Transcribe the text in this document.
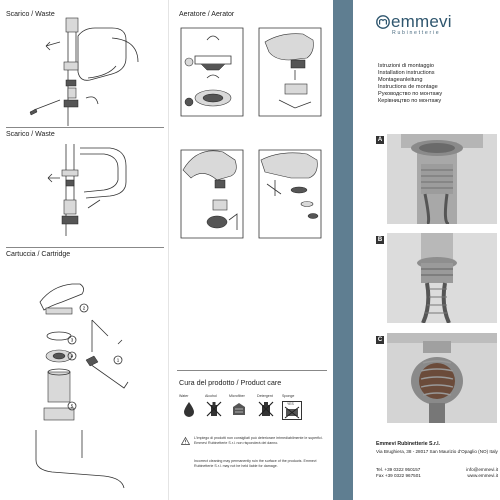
Scarico / Waste
Scarico / Waste
Cartuccia / Cartridge
2
3
4
1
5
Aeratore / Aerator
Cura del prodotto / Product care
Water	Alcohol	Microfiber	Detergent	Sponge
YES
L'impiego di prodotti non consigliati può deteriorare irrimediabilmente le superfici. Emmevi Rubinetterie S.r.l. non risponderà dei danno.
Incorrect cleaning may permanently ruin the surface of the products. Emmevi Rubinetterie S.r.l. may not be held liable for damage.
emmevi
Rubinetterie
Istruzioni di montaggio
Installation instructions
Montageanleitung
Instructions de montage
Руководство по монтажу
Керівництво по монтажу
A
B
C
Emmevi Rubinetterie S.r.l.
Via Brughiera, 38 - 28017 San Maurizio d'Opaglio (NO) Italy
Tel. +39 0322 950157	info@emmevi.it
Fax +39 0322 967501	www.emmevi.it
